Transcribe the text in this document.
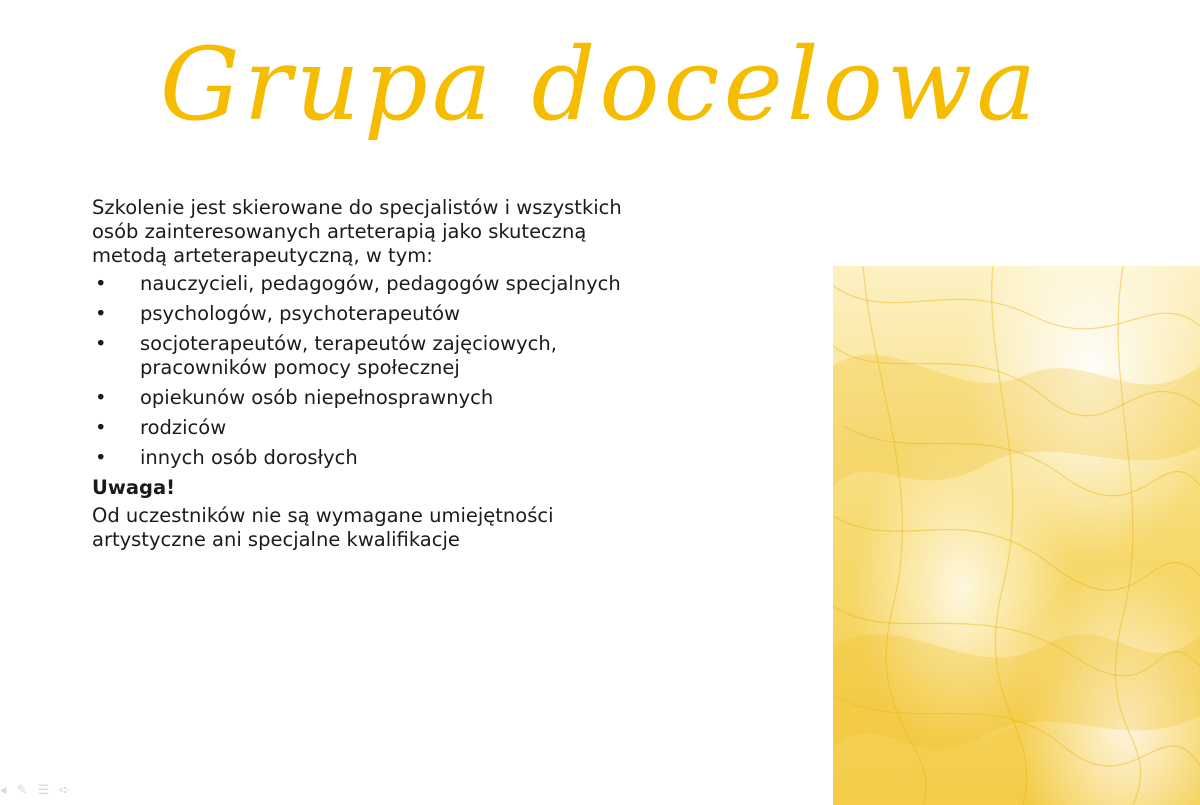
Grupa docelowa

Szkolenie jest skierowane do specjalistów i wszystkich osób zainteresowanych arteterapią jako skuteczną metodą arteterapeutyczną, w tym:

• nauczycieli, pedagogów, pedagogów specjalnych
• psychologów, psychoterapeutów
• socjoterapeutów, terapeutów zajęciowych, pracowników pomocy społecznej
• opiekunów osób niepełnosprawnych
• rodziców
• innych osób dorosłych

Uwaga!

Od uczestników nie są wymagane umiejętności artystyczne ani specjalne kwalifikacje

◂ ✎ ☰ ➪
